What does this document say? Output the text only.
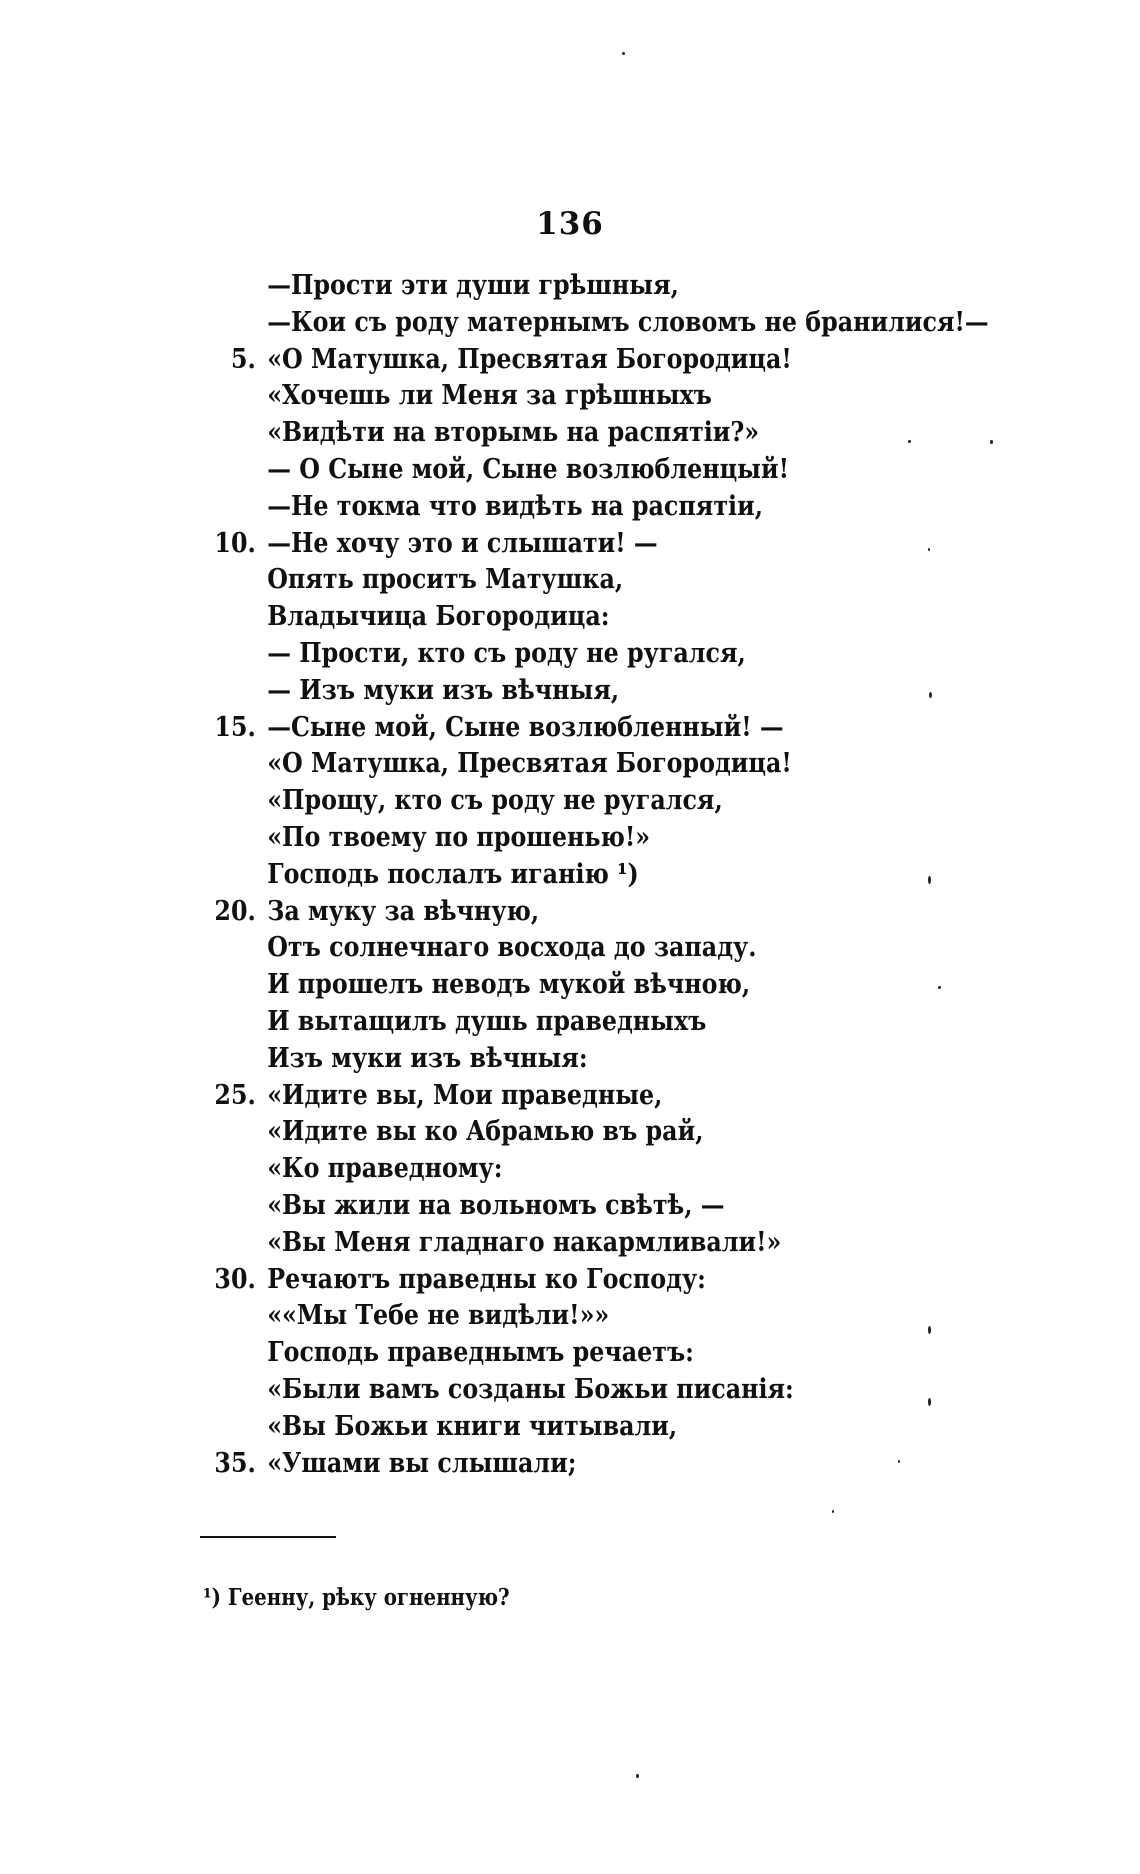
136
—Прости эти души грѣшныя,
—Кои съ роду матернымъ словомъ не бранилися!—
5. «О Матушка, Пресвятая Богородица!
«Хочешь ли Меня за грѣшныхъ
«Видѣти на вторымь на распятіи?»
— О Сыне мой, Сыне возлюбленцый!
—Не токма что видѣть на распятіи,
10. —Не хочу это и слышати! —
Опять проситъ Матушка,
Владычица Богородица:
— Прости, кто съ роду не ругался,
— Изъ муки изъ вѣчныя,
15. —Сыне мой, Сыне возлюбленный! —
«О Матушка, Пресвятая Богородица!
«Прощу, кто съ роду не ругался,
«По твоему по прошенью!»
Господь послалъ иганію ¹)
20. За муку за вѣчную,
Отъ солнечнаго восхода до западу.
И прошелъ неводъ мукой вѣчною,
И вытащилъ душь праведныхъ
Изъ муки изъ вѣчныя:
25. «Идите вы, Мои праведные,
«Идите вы ко Абрамью въ рай,
«Ко праведному:
«Вы жили на вольномъ свѣтѣ, —
«Вы Меня гладнаго накармливали!»
30. Речаютъ праведны ко Господу:
««Мы Тебе не видѣли!»»
Господь праведнымъ речаетъ:
«Были вамъ созданы Божьи писанія:
«Вы Божьи книги читывали,
35. «Ушами вы слышали;
¹) Геенну, рѣку огненную?
